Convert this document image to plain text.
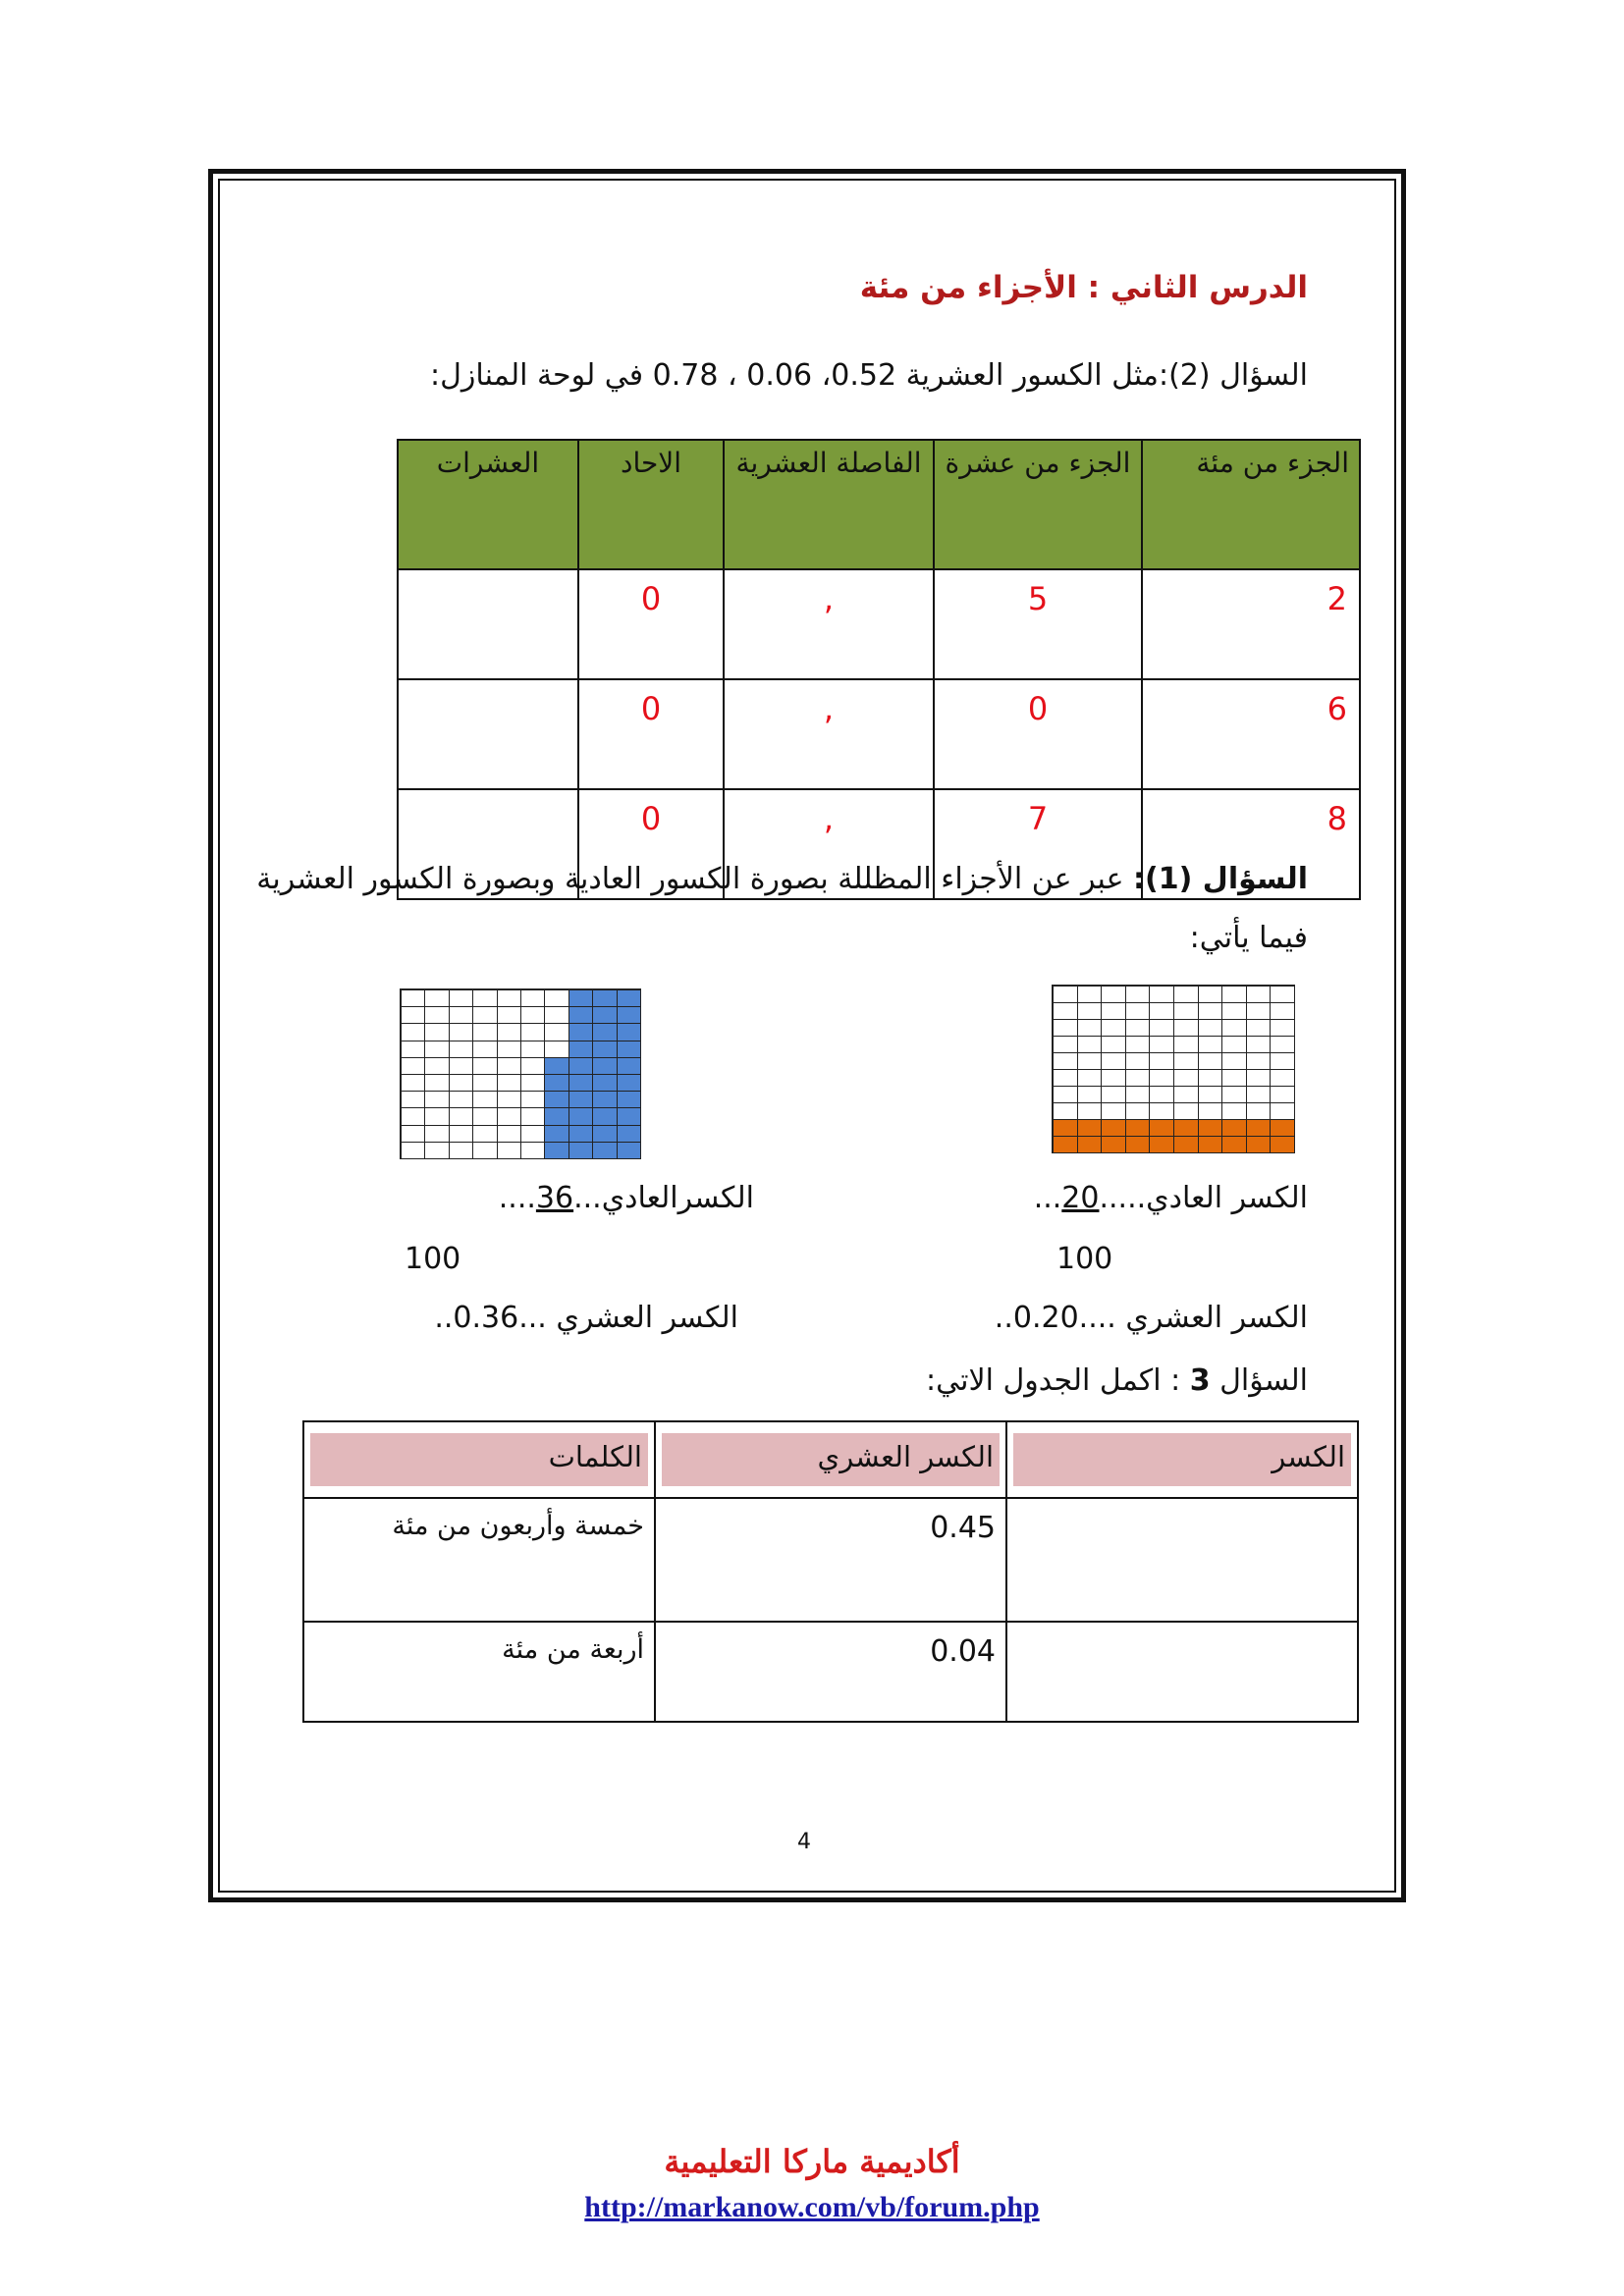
الدرس الثاني : الأجزاء من مئة
السؤال (2):مثل الكسور العشرية 0.52، 0.06 ، 0.78 في لوحة المنازل:
الجزء من مئة	الجزء من عشرة	الفاصلة العشرية	الاحاد	العشرات
2	5	,	0	
6	0	,	0	
8	7	,	0	
السؤال (1): عبر عن الأجزاء المظللة بصورة الكسور العادية وبصورة الكسور العشرية
فيما يأتي:
الكسر العادي.....20...
100
الكسر العشري ....0.20..
الكسرالعادي...36....
100
الكسر العشري ...0.36..
السؤال 3 : اكمل الجدول الاتي:
الكسر	الكسر العشري	الكلمات

	0.45	خمسة وأربعون من مئة
	0.04	أربعة من مئة
4
أكاديمية ماركا التعليمية
http://markanow.com/vb/forum.php
